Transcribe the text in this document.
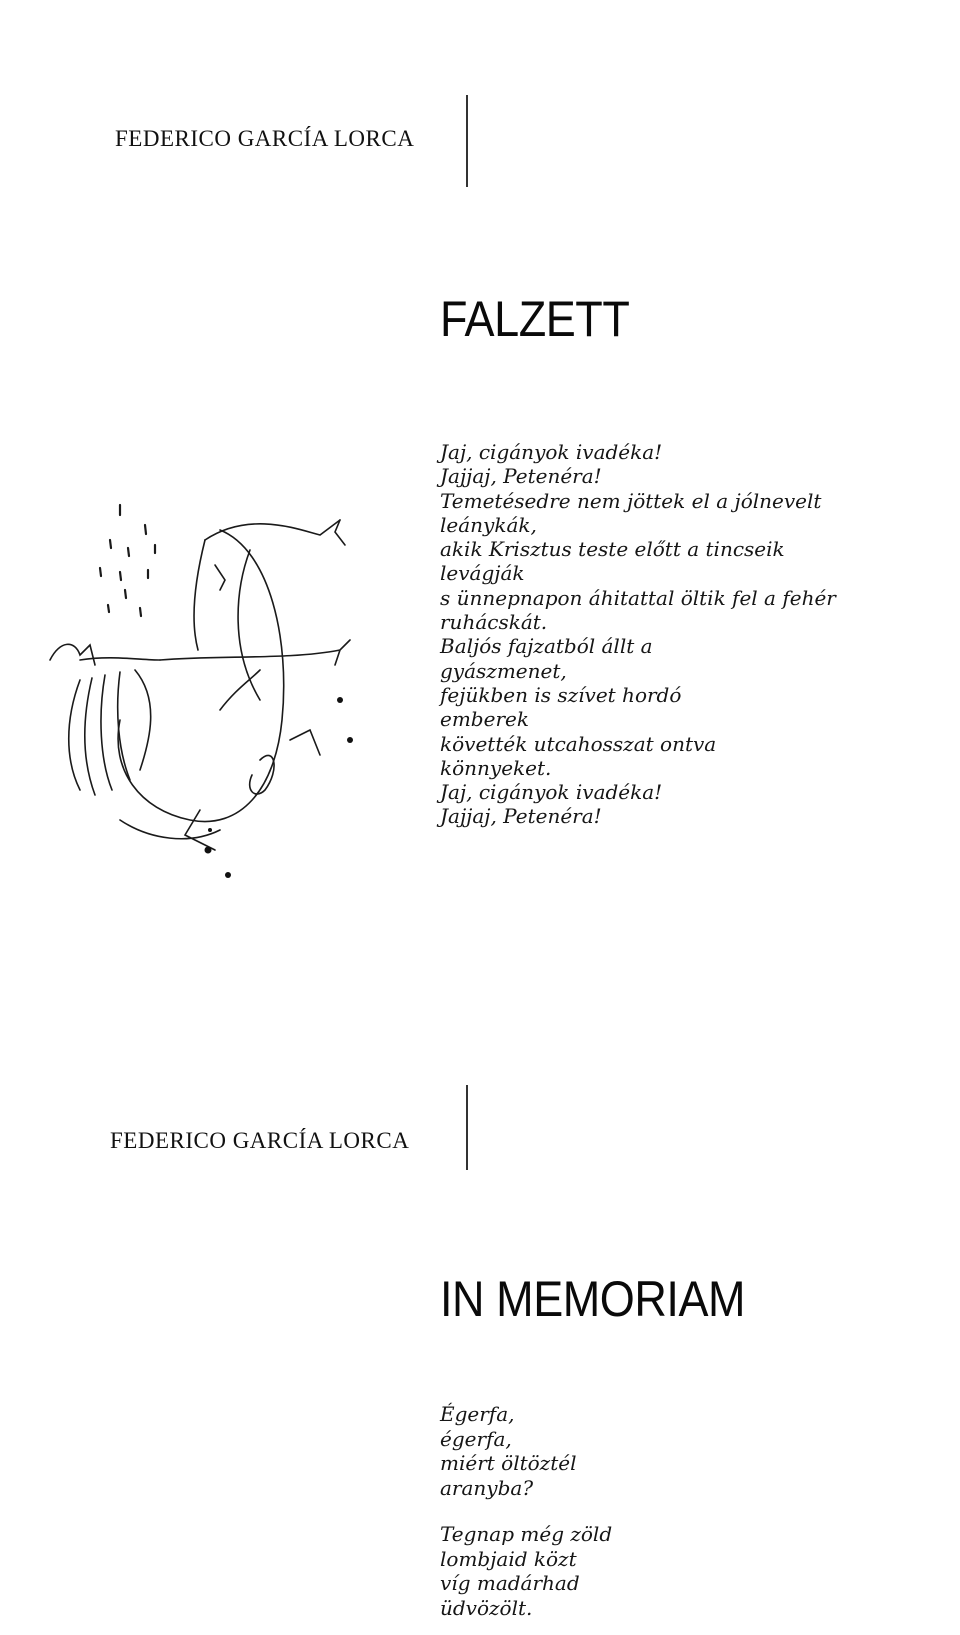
FEDERICO GARCÍA LORCA
FALZETT
Jaj, cigányok ivadéka!
Jajjaj, Petenéra!
Temetésedre nem jöttek el a jólnevelt
leánykák,
akik Krisztus teste előtt a tincseik
levágják
s ünnepnapon áhitattal öltik fel a fehér
ruhácskát.
Baljós fajzatból állt a
gyászmenet,
fejükben is szívet hordó
emberek
követték utcahosszat ontva
könnyeket.
Jaj, cigányok ivadéka!
Jajjaj, Petenéra!
FEDERICO GARCÍA LORCA
IN MEMORIAM
Égerfa,
égerfa,
miért öltöztél
aranyba?
Tegnap még zöld
lombjaid közt
víg madárhad
üdvözölt.
